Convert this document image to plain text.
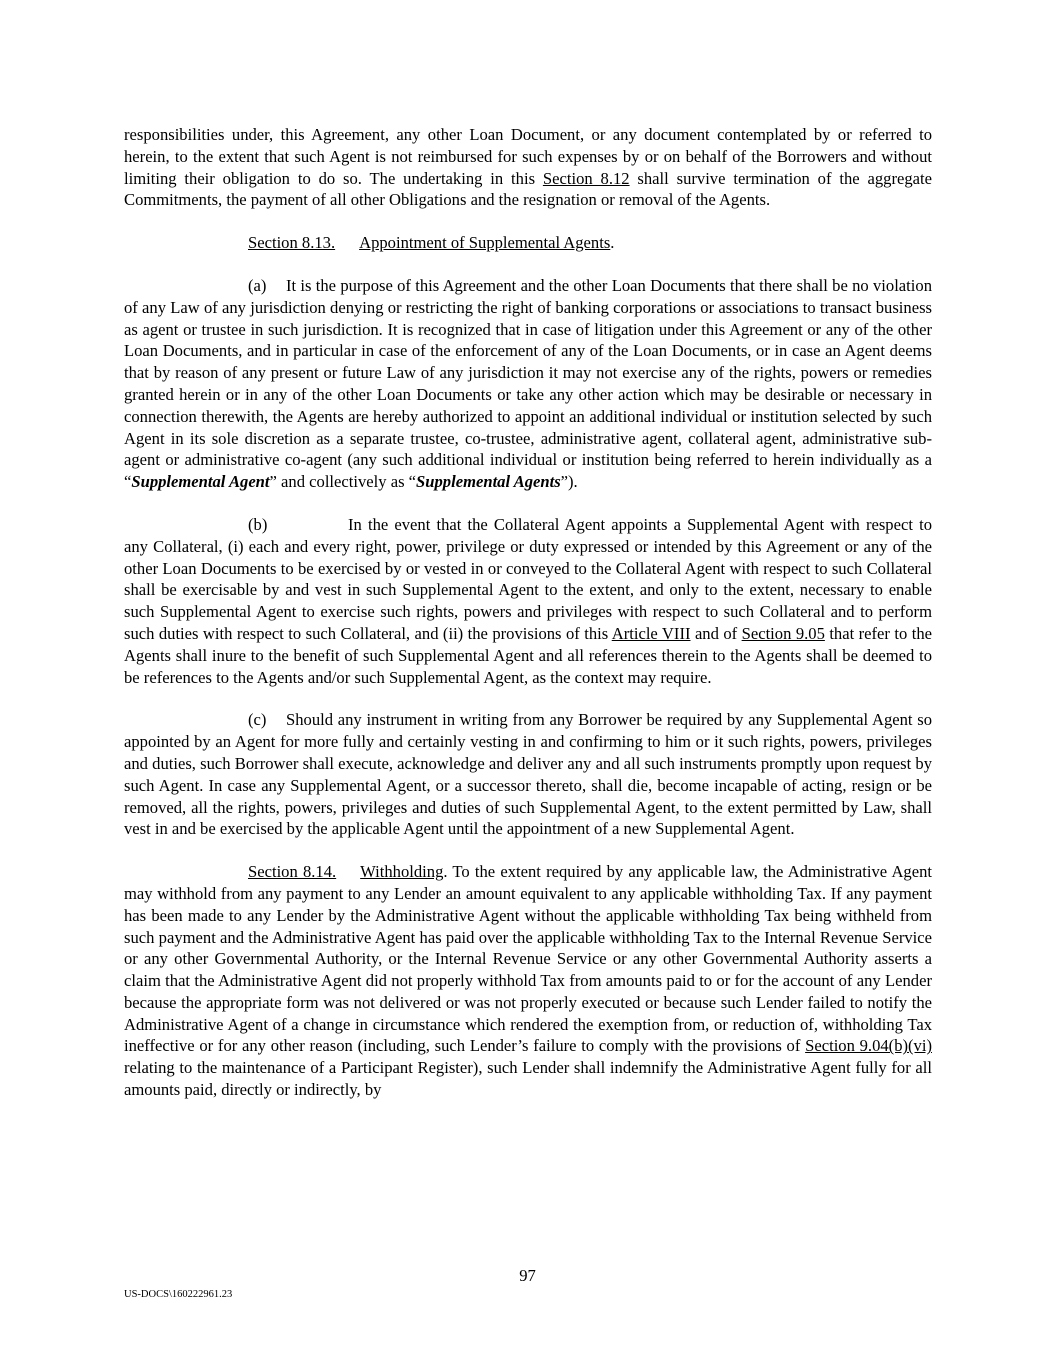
responsibilities under, this Agreement, any other Loan Document, or any document contemplated by or referred to herein, to the extent that such Agent is not reimbursed for such expenses by or on behalf of the Borrowers and without limiting their obligation to do so. The undertaking in this Section 8.12 shall survive termination of the aggregate Commitments, the payment of all other Obligations and the resignation or removal of the Agents.

Section 8.13. Appointment of Supplemental Agents.

(a) It is the purpose of this Agreement and the other Loan Documents that there shall be no violation of any Law of any jurisdiction denying or restricting the right of banking corporations or associations to transact business as agent or trustee in such jurisdiction. It is recognized that in case of litigation under this Agreement or any of the other Loan Documents, and in particular in case of the enforcement of any of the Loan Documents, or in case an Agent deems that by reason of any present or future Law of any jurisdiction it may not exercise any of the rights, powers or remedies granted herein or in any of the other Loan Documents or take any other action which may be desirable or necessary in connection therewith, the Agents are hereby authorized to appoint an additional individual or institution selected by such Agent in its sole discretion as a separate trustee, co-trustee, administrative agent, collateral agent, administrative sub-agent or administrative co-agent (any such additional individual or institution being referred to herein individually as a “Supplemental Agent” and collectively as “Supplemental Agents”).

(b)	In the event that the Collateral Agent appoints a Supplemental Agent with respect to any Collateral, (i) each and every right, power, privilege or duty expressed or intended by this Agreement or any of the other Loan Documents to be exercised by or vested in or conveyed to the Collateral Agent with respect to such Collateral shall be exercisable by and vest in such Supplemental Agent to the extent, and only to the extent, necessary to enable such Supplemental Agent to exercise such rights, powers and privileges with respect to such Collateral and to perform such duties with respect to such Collateral, and (ii) the provisions of this Article VIII and of Section 9.05 that refer to the Agents shall inure to the benefit of such Supplemental Agent and all references therein to the Agents shall be deemed to be references to the Agents and/or such Supplemental Agent, as the context may require.

(c) Should any instrument in writing from any Borrower be required by any Supplemental Agent so appointed by an Agent for more fully and certainly vesting in and confirming to him or it such rights, powers, privileges and duties, such Borrower shall execute, acknowledge and deliver any and all such instruments promptly upon request by such Agent. In case any Supplemental Agent, or a successor thereto, shall die, become incapable of acting, resign or be removed, all the rights, powers, privileges and duties of such Supplemental Agent, to the extent permitted by Law, shall vest in and be exercised by the applicable Agent until the appointment of a new Supplemental Agent.

Section 8.14. Withholding. To the extent required by any applicable law, the Administrative Agent may withhold from any payment to any Lender an amount equivalent to any applicable withholding Tax. If any payment has been made to any Lender by the Administrative Agent without the applicable withholding Tax being withheld from such payment and the Administrative Agent has paid over the applicable withholding Tax to the Internal Revenue Service or any other Governmental Authority, or the Internal Revenue Service or any other Governmental Authority asserts a claim that the Administrative Agent did not properly withhold Tax from amounts paid to or for the account of any Lender because the appropriate form was not delivered or was not properly executed or because such Lender failed to notify the Administrative Agent of a change in circumstance which rendered the exemption from, or reduction of, withholding Tax ineffective or for any other reason (including, such Lender’s failure to comply with the provisions of Section 9.04(b)(vi) relating to the maintenance of a Participant Register), such Lender shall indemnify the Administrative Agent fully for all amounts paid, directly or indirectly, by

97
US-DOCS\160222961.23
